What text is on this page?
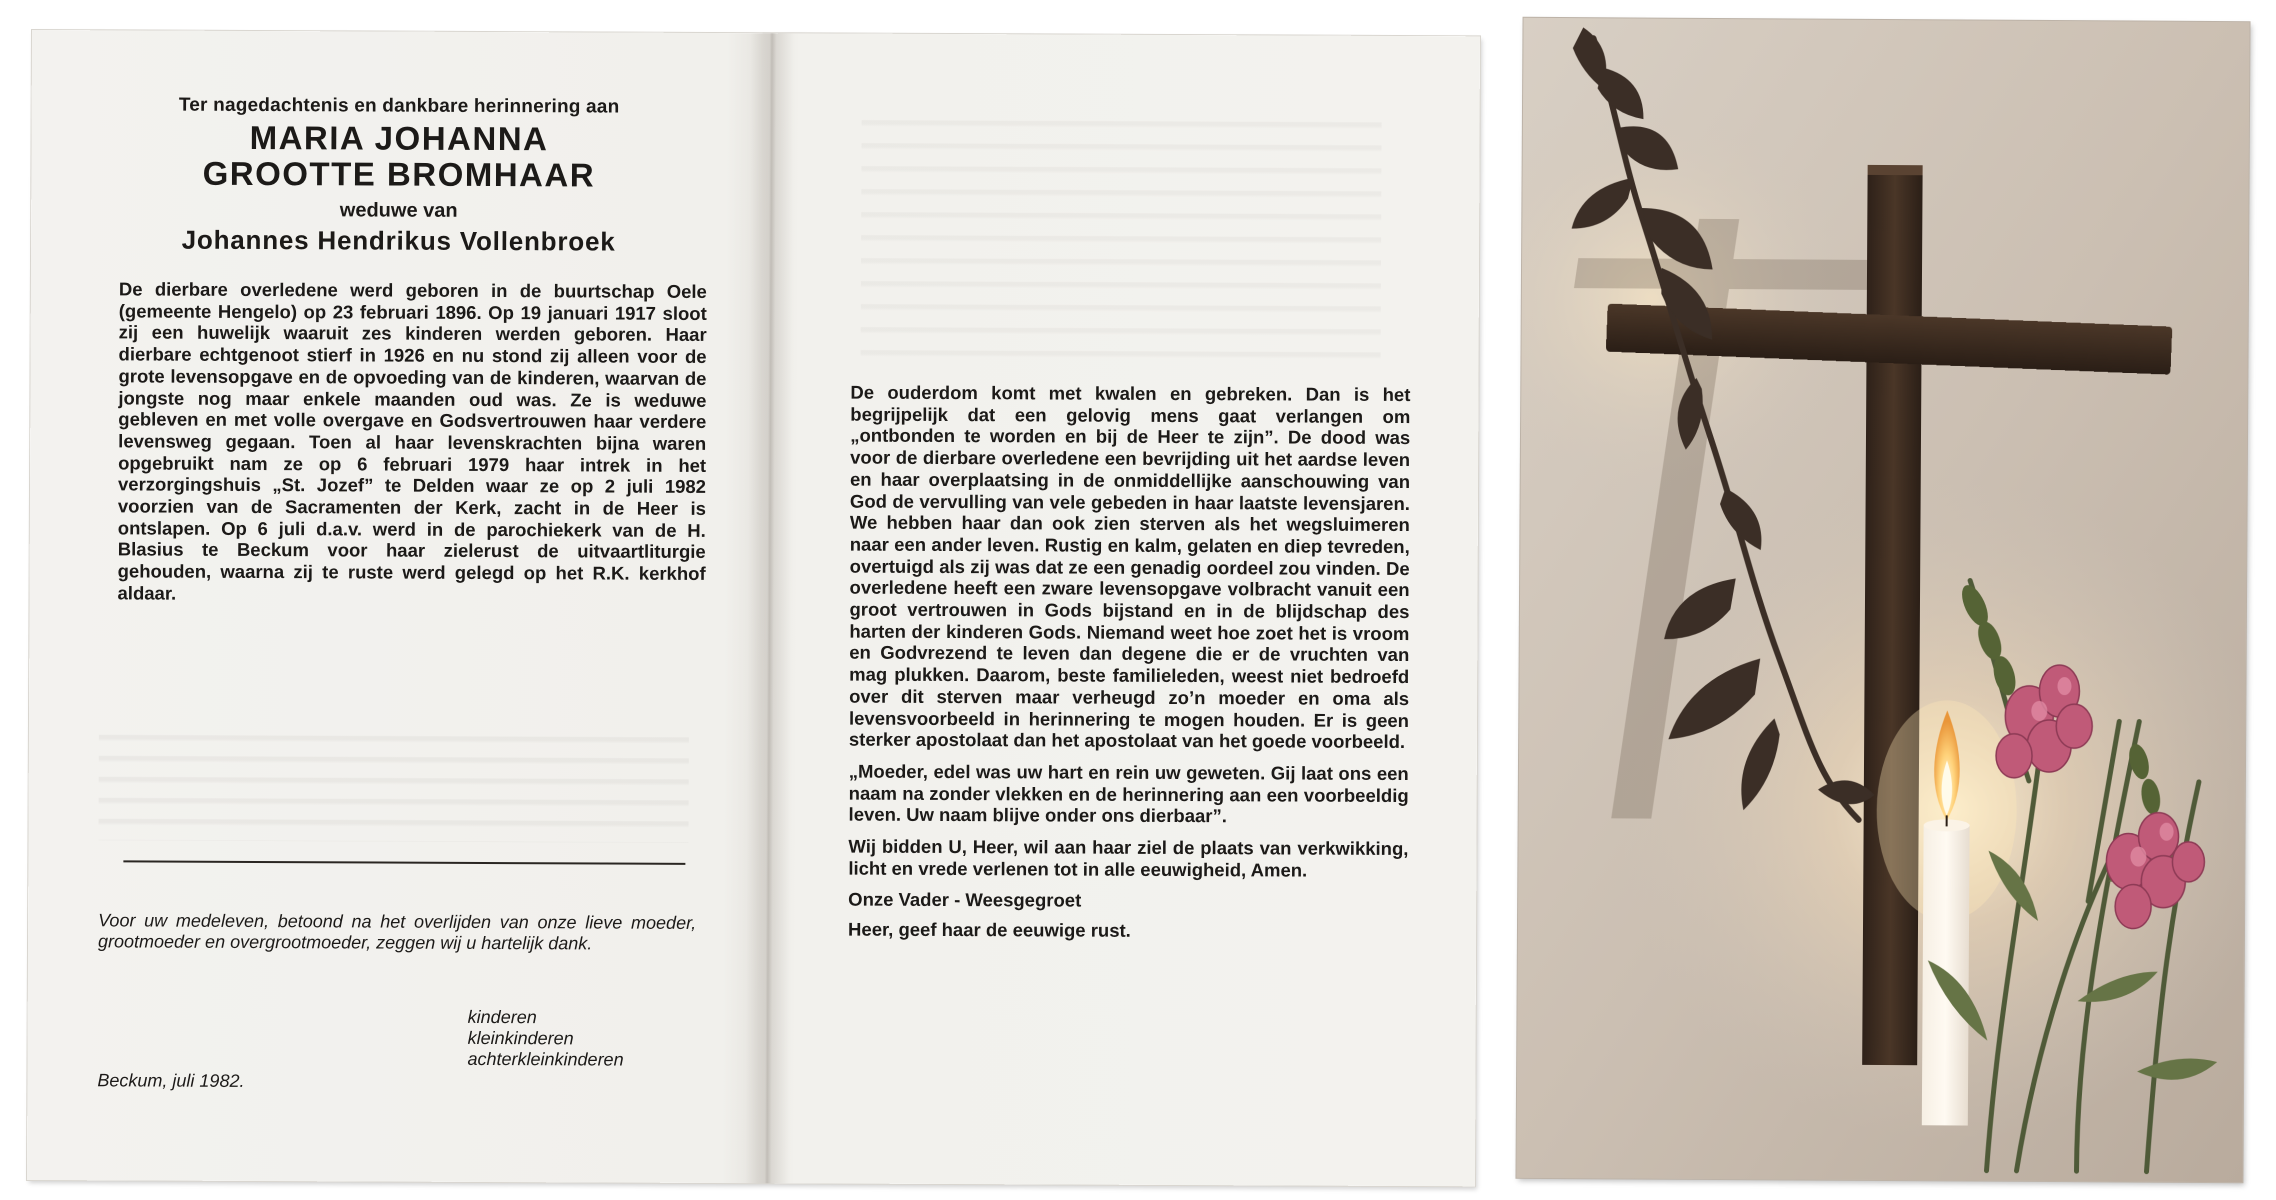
Ter nagedachtenis en dankbare herinnering aan
MARIA JOHANNA
GROOTTE BROMHAAR
weduwe van
Johannes Hendrikus Vollenbroek

De dierbare overledene werd geboren in de buurtschap Oele (gemeente Hengelo) op 23 februari 1896. Op 19 januari 1917 sloot zij een huwelijk waaruit zes kinderen werden geboren. Haar dierbare echtgenoot stierf in 1926 en nu stond zij alleen voor de grote levensopgave en de opvoeding van de kinderen, waarvan de jongste nog maar enkele maanden oud was. Ze is weduwe gebleven en met volle overgave en Godsvertrouwen haar verdere levensweg gegaan. Toen al haar levenskrachten bijna waren opgebruikt nam ze op 6 februari 1979 haar intrek in het verzorgingshuis „St. Jozef” te Delden waar ze op 2 juli 1982 voorzien van de Sacramenten der Kerk, zacht in de Heer is ontslapen. Op 6 juli d.a.v. werd in de parochiekerk van de H. Blasius te Beckum voor haar zielerust de uitvaartliturgie gehouden, waarna zij te ruste werd gelegd op het R.K. kerkhof aldaar.

Voor uw medeleven, betoond na het overlijden van onze lieve moeder, grootmoeder en overgrootmoeder, zeggen wij u hartelijk dank.

kinderen
kleinkinderen
achterkleinkinderen
Beckum, juli 1982.

De ouderdom komt met kwalen en gebreken. Dan is het begrijpelijk dat een gelovig mens gaat verlangen om „ontbonden te worden en bij de Heer te zijn”. De dood was voor de dierbare overledene een bevrijding uit het aardse leven en haar overplaatsing in de onmiddellijke aanschouwing van God de vervulling van vele gebeden in haar laatste levensjaren. We hebben haar dan ook zien sterven als het wegsluimeren naar een ander leven. Rustig en kalm, gelaten en diep tevreden, overtuigd als zij was dat ze een genadig oordeel zou vinden. De overledene heeft een zware levensopgave volbracht vanuit een groot vertrouwen in Gods bijstand en in de blijdschap des harten der kinderen Gods. Niemand weet hoe zoet het is vroom en Godvrezend te leven dan degene die er de vruchten van mag plukken. Daarom, beste familieleden, weest niet bedroefd over dit sterven maar verheugd zo’n moeder en oma als levensvoorbeeld in herinnering te mogen houden. Er is geen sterker apostolaat dan het apostolaat van het goede voorbeeld.

„Moeder, edel was uw hart en rein uw geweten. Gij laat ons een naam na zonder vlekken en de herinnering aan een voorbeeldig leven. Uw naam blijve onder ons dierbaar”.

Wij bidden U, Heer, wil aan haar ziel de plaats van verkwikking, licht en vrede verlenen tot in alle eeuwigheid, Amen.

Onze Vader - Weesgegroet

Heer, geef haar de eeuwige rust.
